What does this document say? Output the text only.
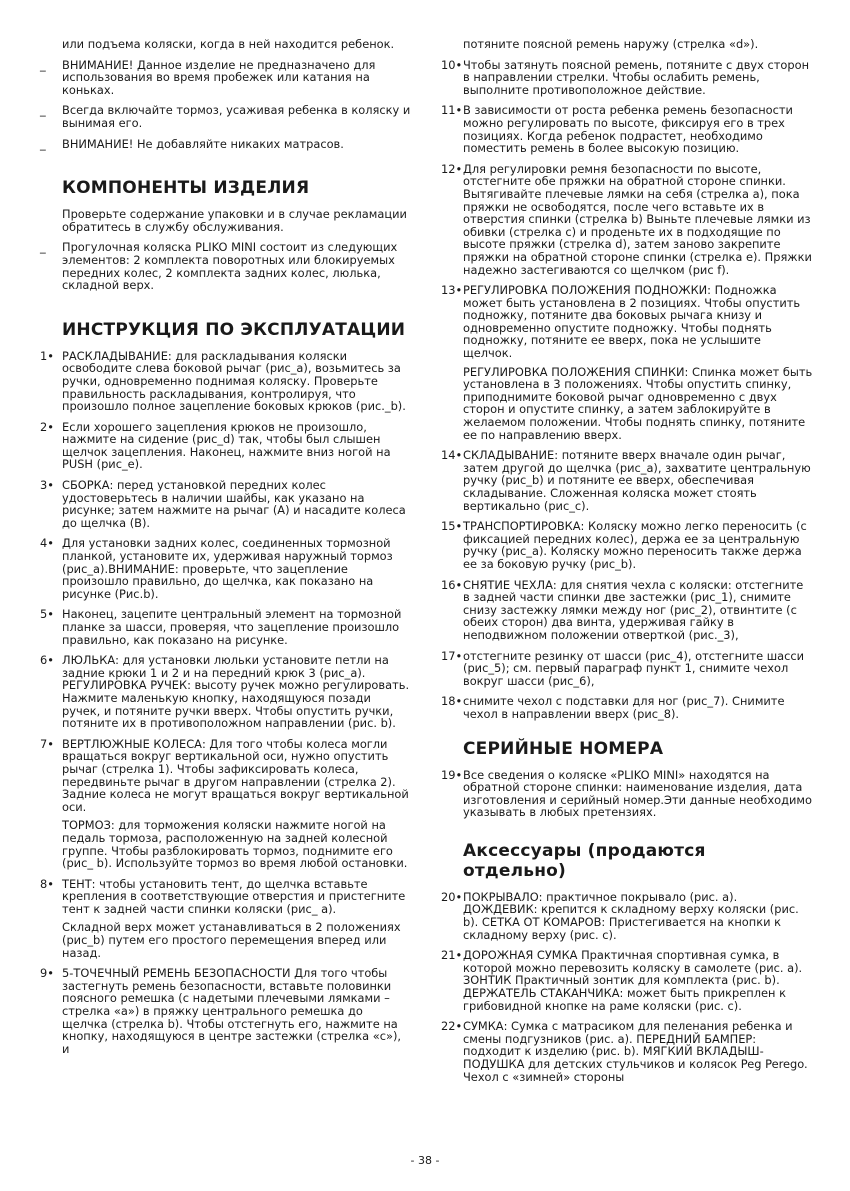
или подъема коляски, когда в ней находится ребенок.

_ ВНИМАНИЕ! Данное изделие не предназначено для использования во время пробежек или катания на коньках.
_ Всегда включайте тормоз, усаживая ребенка в коляску и вынимая его.
_ ВНИМАНИЕ! Не добавляйте никаких матрасов.
КОМПОНЕНТЫ ИЗДЕЛИЯ

Проверьте содержание упаковки и в случае рекламации обратитесь в службу обслуживания.

_ Прогулочная коляска PLIKO MINI состоит из следующих элементов: 2 комплекта поворотных или блокируемых передних колес, 2 комплекта задних колес, люлька, складной верх.
ИНСТРУКЦИЯ ПО ЭКСПЛУАТАЦИИ
1• РАСКЛАДЫВАНИЕ: для раскладывания коляски освободите слева боковой рычаг (рис_a), возьмитесь за ручки, одновременно поднимая коляску. Проверьте правильность раскладывания, контролируя, что произошло полное зацепление боковых крюков (рис._b).
2• Если хорошего зацепления крюков не произошло, нажмите на сидение (рис_d) так, чтобы был слышен щелчок зацепления. Наконец, нажмите вниз ногой на PUSH (рис_e).
3• СБОРКА: перед установкой передних колес удостоверьтесь в наличии шайбы, как указано на рисунке; затем нажмите на рычаг (A) и насадите колеса до щелчка (B).
4• Для установки задних колес, соединенных тормозной планкой, установите их, удерживая наружный тормоз (рис_a).ВНИМАНИЕ: проверьте, что зацепление произошло правильно, до щелчка, как показано на рисунке (Рис.b).
5• Наконец, зацепите центральный элемент на тормозной планке за шасси, проверяя, что зацепление произошло правильно, как показано на рисунке.
6• ЛЮЛЬКА: для установки люльки установите петли на задние крюки 1 и 2 и на передний крюк 3 (рис_a). РЕГУЛИРОВКА РУЧЕК: высоту ручек можно регулировать. Нажмите маленькую кнопку, находящуюся позади ручек, и потяните ручки вверх. Чтобы опустить ручки, потяните их в противоположном направлении (рис. b).
7• ВЕРТЛЮЖНЫЕ КОЛЕСА: Для того чтобы колеса могли вращаться вокруг вертикальной оси, нужно опустить рычаг (стрелка 1). Чтобы зафиксировать колеса, передвиньте рычаг в другом направлении (стрелка 2). Задние колеса не могут вращаться вокруг вертикальной оси.
ТОРМОЗ: для торможения коляски нажмите ногой на педаль тормоза, расположенную на задней колесной группе. Чтобы разблокировать тормоз, поднимите его (рис_ b). Используйте тормоз во время любой остановки.
8• ТЕНТ: чтобы установить тент, до щелчка вставьте крепления в соответствующие отверстия и пристегните тент к задней части спинки коляски (рис_ a).
Складной верх может устанавливаться в 2 положениях (рис_b) путем его простого перемещения вперед или назад.
9• 5-ТОЧЕЧНЫЙ РЕМЕНЬ БЕЗОПАСНОСТИ Для того чтобы застегнуть ремень безопасности, вставьте половинки поясного ремешка (с надетыми плечевыми лямками – стрелка «a») в пряжку центрального ремешка до щелчка (стрелка b). Чтобы отстегнуть его, нажмите на кнопку, находящуюся в центре застежки (стрелка «c»), и

потяните поясной ремень наружу (стрелка «d»).

10• Чтобы затянуть поясной ремень, потяните с двух сторон в направлении стрелки. Чтобы ослабить ремень, выполните противоположное действие.
11• В зависимости от роста ребенка ремень безопасности можно регулировать по высоте, фиксируя его в трех позициях. Когда ребенок подрастет, необходимо поместить ремень в более высокую позицию.
12• Для регулировки ремня безопасности по высоте, отстегните обе пряжки на обратной стороне спинки. Вытягивайте плечевые лямки на себя (стрелка a), пока пряжки не освободятся, после чего вставьте их в отверстия спинки (стрелка b) Выньте плечевые лямки из обивки (стрелка c) и проденьте их в подходящие по высоте пряжки (стрелка d), затем заново закрепите пряжки на обратной стороне спинки (стрелка e). Пряжки надежно застегиваются со щелчком (рис f).
13• РЕГУЛИРОВКА ПОЛОЖЕНИЯ ПОДНОЖКИ: Подножка может быть установлена в 2 позициях. Чтобы опустить подножку, потяните два боковых рычага книзу и одновременно опустите подножку. Чтобы поднять подножку, потяните ее вверх, пока не услышите щелчок.
РЕГУЛИРОВКА ПОЛОЖЕНИЯ СПИНКИ: Спинка может быть установлена в 3 положениях. Чтобы опустить спинку, приподнимите боковой рычаг одновременно с двух сторон и опустите спинку, а затем заблокируйте в желаемом положении. Чтобы поднять спинку, потяните ее по направлению вверх.
14• СКЛАДЫВАНИЕ: потяните вверх вначале один рычаг, затем другой до щелчка (рис_a), захватите центральную ручку (рис_b) и потяните ее вверх, обеспечивая складывание. Сложенная коляска может стоять вертикально (рис_c).
15• ТРАНСПОРТИРОВКА: Коляску можно легко переносить (с фиксацией передних колес), держа ее за центральную ручку (рис_a). Коляску можно переносить также держа ее за боковую ручку (рис_b).
16• СНЯТИЕ ЧЕХЛА: для снятия чехла с коляски: отстегните в задней части спинки две застежки (рис_1), снимите снизу застежку лямки между ног (рис_2), отвинтите (с обеих сторон) два винта, удерживая гайку в неподвижном положении отверткой (рис._3),
17• отстегните резинку от шасси (рис_4), отстегните шасси (рис_5); см. первый параграф пункт 1, снимите чехол вокруг шасси (рис_6),
18• снимите чехол с подставки для ног (рис_7). Снимите чехол в направлении вверх (рис_8).
СЕРИЙНЫЕ НОМЕРА
19• Все сведения о коляске «PLIKO MINI» находятся на обратной стороне спинки: наименование изделия, дата изготовления и серийный номер.Эти данные необходимо указывать в любых претензиях.
Аксессуары (продаются отдельно)
20• ПОКРЫВАЛО: практичное покрывало (рис. a). ДОЖДЕВИК: крепится к складному верху коляски (рис. b). СЕТКА ОТ КОМАРОВ: Пристегивается на кнопки к складному верху (рис. c).
21• ДОРОЖНАЯ СУМКА Практичная спортивная сумка, в которой можно перевозить коляску в самолете (рис. a). ЗОНТИК Практичный зонтик для комплекта (рис. b). ДЕРЖАТЕЛЬ СТАКАНЧИКА: может быть прикреплен к грибовидной кнопке на раме коляски (рис. c).
22• СУМКА: Сумка с матрасиком для пеленания ребенка и смены подгузников (рис. a). ПЕРЕДНИЙ БАМПЕР: подходит к изделию (рис. b). МЯГКИЙ ВКЛАДЫШ-ПОДУШКА для детских стульчиков и колясок Peg Perego. Чехол с «зимней» стороны
- 38 -
